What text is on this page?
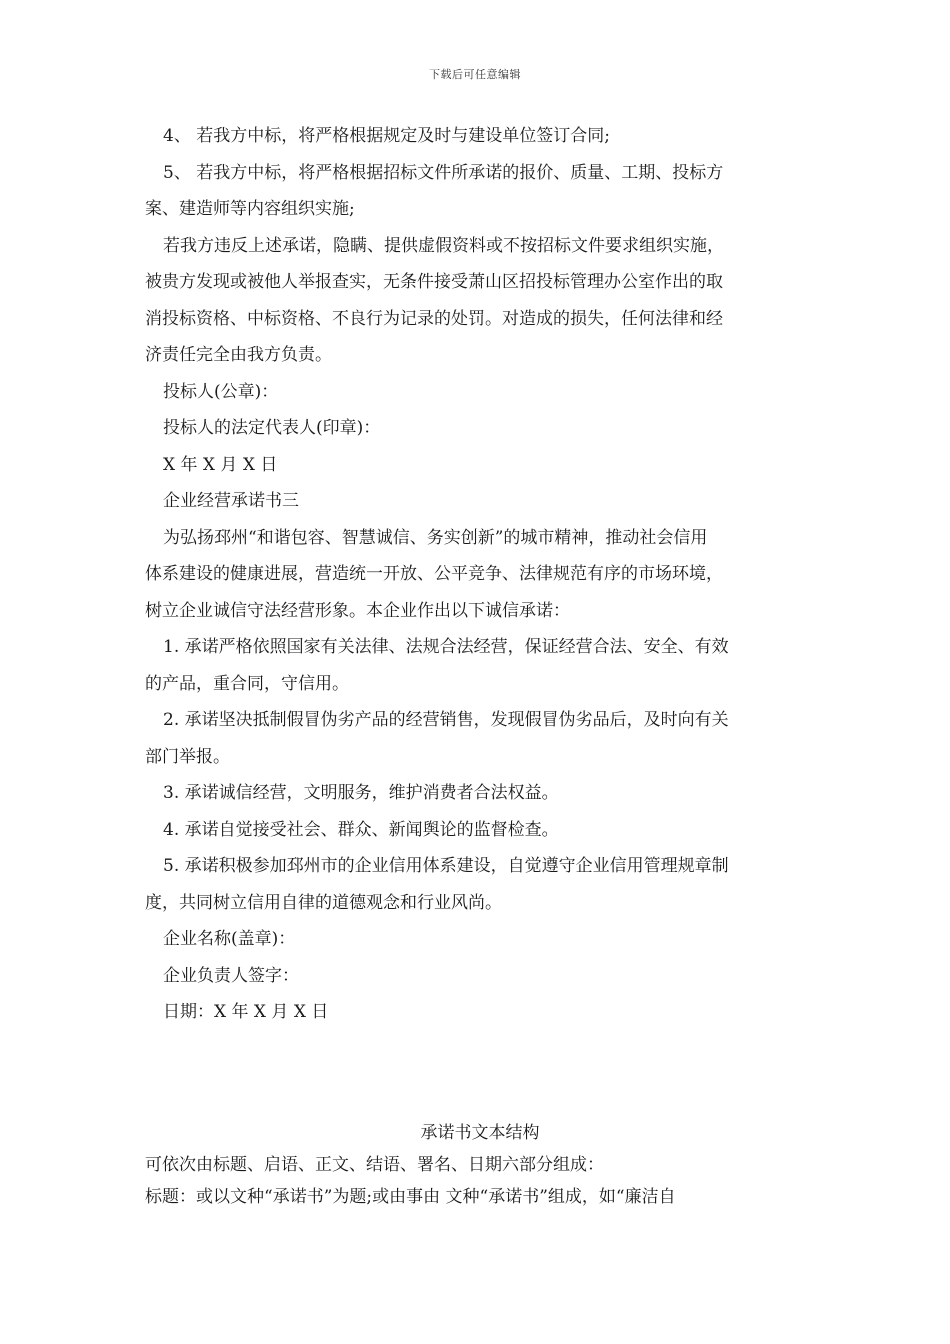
下载后可任意编辑

4、 若我方中标，将严格根据规定及时与建设单位签订合同;

5、 若我方中标，将严格根据招标文件所承诺的报价、质量、工期、投标方

案、建造师等内容组织实施;

若我方违反上述承诺，隐瞒、提供虚假资料或不按招标文件要求组织实施，

被贵方发现或被他人举报查实，无条件接受萧山区招投标管理办公室作出的取

消投标资格、中标资格、不良行为记录的处罚。对造成的损失，任何法律和经

济责任完全由我方负责。

投标人(公章)：

投标人的法定代表人(印章)：

X 年 X 月 X 日

企业经营承诺书三

为弘扬邳州“和谐包容、智慧诚信、务实创新”的城市精神，推动社会信用

体系建设的健康进展，营造统一开放、公平竞争、法律规范有序的市场环境，

树立企业诚信守法经营形象。本企业作出以下诚信承诺：

1. 承诺严格依照国家有关法律、法规合法经营，保证经营合法、安全、有效

的产品，重合同，守信用。

2. 承诺坚决抵制假冒伪劣产品的经营销售，发现假冒伪劣品后，及时向有关

部门举报。

3. 承诺诚信经营，文明服务，维护消费者合法权益。

4. 承诺自觉接受社会、群众、新闻舆论的监督检查。

5. 承诺积极参加邳州市的企业信用体系建设，自觉遵守企业信用管理规章制

度，共同树立信用自律的道德观念和行业风尚。

企业名称(盖章)：

企业负责人签字：

日期：X 年 X 月 X 日

承诺书文本结构

可依次由标题、启语、正文、结语、署名、日期六部分组成：

标题：或以文种“承诺书”为题;或由事由 文种“承诺书”组成，如“廉洁自
